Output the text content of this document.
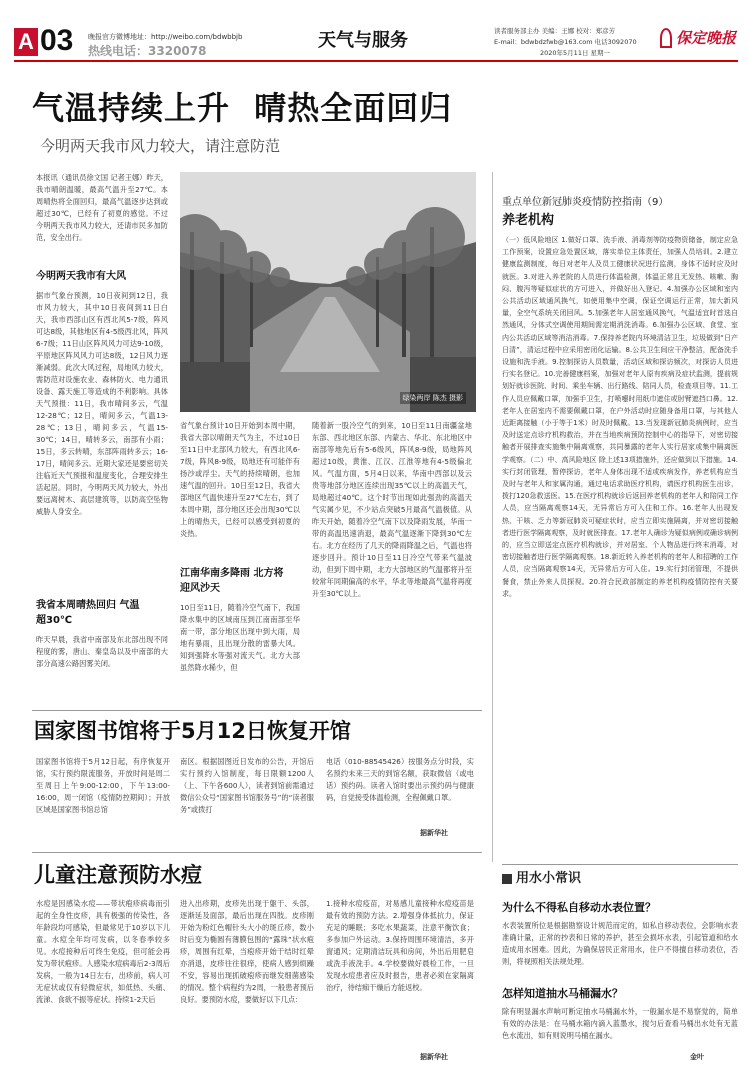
A 03 晚报官方微博地址：http://weibo.com/bdwbbjb
热线电话：3320078	天气与服务	读者服务部主办 美编：王娜 校对：郑彦芳
E-mail：bdwbdzfwb@163.com 电话3092070
2020年5月11日 星期一
保定晚报
气温持续上升  晴热全面回归
今明两天我市风力较大，请注意防范
本报讯（通讯员徐文国 记者王娜）昨天，我市晴朗温暖，最高气温升至27℃。本周晴热将全面回归，最高气温逐步达到或超过30℃，已经有了初夏的感觉。不过今明两天我市风力较大，还请市民多加防范，安全出行。
今明两天我市有大风
据市气象台预测，10日夜间到12日，我市风力较大，其中10日夜间到11日白天，我市西部山区有西北风5-7级，阵风可达8级，其他地区有4-5级西北风，阵风6-7级；11日山区阵风风力可达9-10级，平原地区阵风风力可达8级，12日风力逐渐减弱。此次大风过程，局地风力较大，需防范对设施农业、森林防火、电力通讯设备、露天施工等造成的不利影响。具体天气预报：11日，我市晴间多云，气温12-28℃；12日，晴间多云，气温13-28℃；13日，晴间多云，气温15-30℃；14日，晴转多云，南部有小雨；15日，多云转晴，东部阵雨转多云；16-17日，晴间多云。近期大家还是要密切关注临近天气预报和温度变化，合理安排生活起居。同时，今明两天风力较大，外出要远离树木、高层建筑等，以防高空坠物威胁人身安全。
我省本周晴热回归 气温超30℃
昨天早晨，我省中南部及东北部出现不同程度的雾，唐山、秦皇岛以及中南部的大部分高速公路因雾关闭。
绿染两岸 陈杰 摄影
省气象台预计10日开始到本周中期，我省大部以晴朗天气为主，不过10日至11日中北部风力较大，有西北风6-7级，阵风8-9级，局地还有可能伴有扬沙或浮尘。天气的持续晴朗，也加速气温的回升。10日至12日，我省大部地区气温快速升至27℃左右，到了本周中期，部分地区还会出现30℃以上的晴热天，已经可以感受到初夏的炎热。
江南华南多降雨 北方将迎风沙天
10日至11日，随着冷空气南下，我国降水集中的区域南压到江南南部至华南一带，部分地区出现中到大雨，局地有暴雨，且出现分散的雷暴大风。知到强降水等强对流天气。北方大部虽然降水稀少，但
随着新一股冷空气的到来，10日至11日南疆盆地东部、西北地区东部、内蒙古、华北、东北地区中南部等地先后有5-6级风，阵风8-9级，局地阵风超过10级，黄淮、江汉、江淮等地有4-5级偏北风。气温方面，5月4日以来，华南中西部以及云贵等地部分地区连续出现35℃以上的高温天气，局地超过40℃。这个时节出现如此强劲的高温天气实属少见，不少站点突破5月最高气温极值。从昨天开始，随着冷空气南下以及降雨发展，华南一带的高温迅速消退，最高气温逐渐下降到30℃左右。北方在经历了几天的降雨降温之后，气温也将逐步回升。预计10日至11日冷空气带来气温波动，但到下周中期，北方大部地区的气温都将升至较常年同期偏高的水平，华北等地最高气温将再度升至30℃以上。
重点单位新冠肺炎疫情防控指南（9）
养老机构
（一）低风险地区 1.做好口罩、洗手液、消毒剂等防疫物资储备，制定应急工作预案，设置应急处置区域，落实单位主体责任，加强人员培训。2.建立健康监测制度，每日对老年人及员工健康状况进行监测，身体不适时应及时就医。3.对进入养老院的人员进行体温检测，体温正常且无发热、咳嗽、胸闷、腹泻等疑似症状的方可进入，并做好出入登记。4.加强办公区域和室内公共活动区域通风换气，如使用集中空调，保证空调运行正常，加大新风量，全空气系统关闭回风。5.加强老年人居室通风换气，气温适宜时首选自然通风，分体式空调使用期间需定期消洗消毒。6.加强办公区域、食堂、室内公共活动区域等消洁消毒。7.保持养老院内环境清洁卫生，垃圾做到“日产日清”，清运过程中应采用密闭化运输。8.公共卫生间应干净整洁，配备洗手设施和洗手液。9.控制探访人员数量，活动区域和探访频次，对探访人员进行实名登记。10.完善健康档案，加强对老年人原有疾病及症状监测，提前规划好就诊医院、时间、乘坐车辆、出行路线、陪同人员，检查项目等。11.工作人员应佩戴口罩，加强手卫生，打喷嚏时用纸巾遮住或肘臂遮挡口鼻。12.老年人在居室内不需要佩戴口罩，在户外活动时应随身备用口罩，与其他人近距离接触（小于等于1米）时及时佩戴。13.当发现新冠肺炎病例时，应当及时送定点诊疗机构救治，并在当地疾病预防控制中心的指导下，对密切接触者开展排查实施集中隔离观察，共同暴露的老年人实行居家或集中隔离医学观察。（二）中、高风险地区 除上述13项措施外，还应做到以下措施。14.实行封闭管理，暂停探访，老年人身体出现不适或疾病发作，养老机构应当及时与老年人和家属沟通，通过电话求助医疗机构，请医疗机构医生出诊，拨打120急救送医。15.在医疗机构就诊后返回养老机构的老年人和陪同工作人员，应当隔离观察14天，无异常后方可入住和工作。16.老年人出现发热、干咳、乏力等新冠肺炎可疑症状时，应当立即实施隔离，并对密切接触者进行医学隔离观察，及时就医排查。17.老年人确诊为疑似病例或确诊病例的，应当立即送定点医疗机构就诊，并对居室、个人物品进行终末消毒，对密切接触者进行医学隔离观察。18.新近转入养老机构的老年人和招聘的工作人员，应当隔离观察14天，无异常后方可入住。19.实行封闭管理，不提供餐食，禁止外来人员探视。20.符合民政部制定的养老机构疫情防控有关要求。
国家图书馆将于5月12日恢复开馆
国家图书馆将于5月12日起，有序恢复开馆，实行预约限流服务，开放时间是周二至周日上午9:00-12:00，下午13:00-16:00，周一闭馆（疫情防控期间）；开放区域是国家图书馆总馆
南区。根据国图近日发布的公告，开馆后实行预约入馆制度，每日限额1200人（上、下午各600人），读者到馆前需通过微信公众号“国家图书馆服务号”的“读者服务”或拨打
电话（010-88545426）按服务点分时段，实名预约未来三天的到馆名额，获取微信（或电话）预约码。读者入馆时要出示预约码与健康码，自觉接受体温检测，全程佩戴口罩。
据新华社
儿童注意预防水痘
水痘是因感染水痘——带状疱疹病毒而引起的全身性皮疹，具有极强的传染性，各年龄段均可感染，但最常见于10岁以下儿童。水痘全年均可发病，以冬春季较多见。水痘接种后可终生免疫，但可能会再发为带状疱疹。人感染水痘病毒后2-3周后发病，一般为14日左右，出疹前，病人可无症状或仅有轻微症状，如低热、头痛、流涕、食欲不振等症状。持续1-2天后
进入出疹期，皮疹先出现于躯干、头部，逐渐延及面部，最后出现在四肢。皮疹刚开始为粉红色帽针头大小的斑丘疹，数小时后变为椭圆有薄膜包围的“露珠”状水疱疹，周围有红晕，当疱疹开始干结时红晕亦消退，皮疹往往很痒，使病人感到烦躁不安，容易出现抓破疱疹而继发细菌感染的情况。整个病程约为2周，一般患者预后良好。要预防水痘，要做好以下几点：
1.接种水痘疫苗，对易感儿童接种水痘疫苗是最有效的预防方法。2.增强身体抵抗力，保证充足的睡眠；多吃水果蔬菜，注意平衡饮食；多参加户外运动。3.保持周围环境清洁，多开窗通风；定期清洁玩具和房间，外出后用肥皂或洗手液洗手。4.学校要做好晨检工作，一旦发现水痘患者应及时报告，患者必须在家隔离治疗，待结痂干燥后方能返校。
据新华社
用水小常识
为什么不得私自移动水表位置？
水表装置所位是根据勘察设计规范而定的，如私自移动表位，会影响水表准确计量，正常的抄表和日常的养护，甚至会损坏水表，引起管道和给水造成用水困难。因此，为确保居民正常用水，住户不得擅自移动表位，否则，将视照相关法规处理。
怎样知道抽水马桶漏水？
除有明显漏水声响可断定抽水马桶漏水外，一般漏水是不易察觉的，简单有效的办法是：在马桶水箱内滴入蓝墨水，搅匀后查看马桶出水处有无蓝色水流出，如有则说明马桶在漏水。
金叶
